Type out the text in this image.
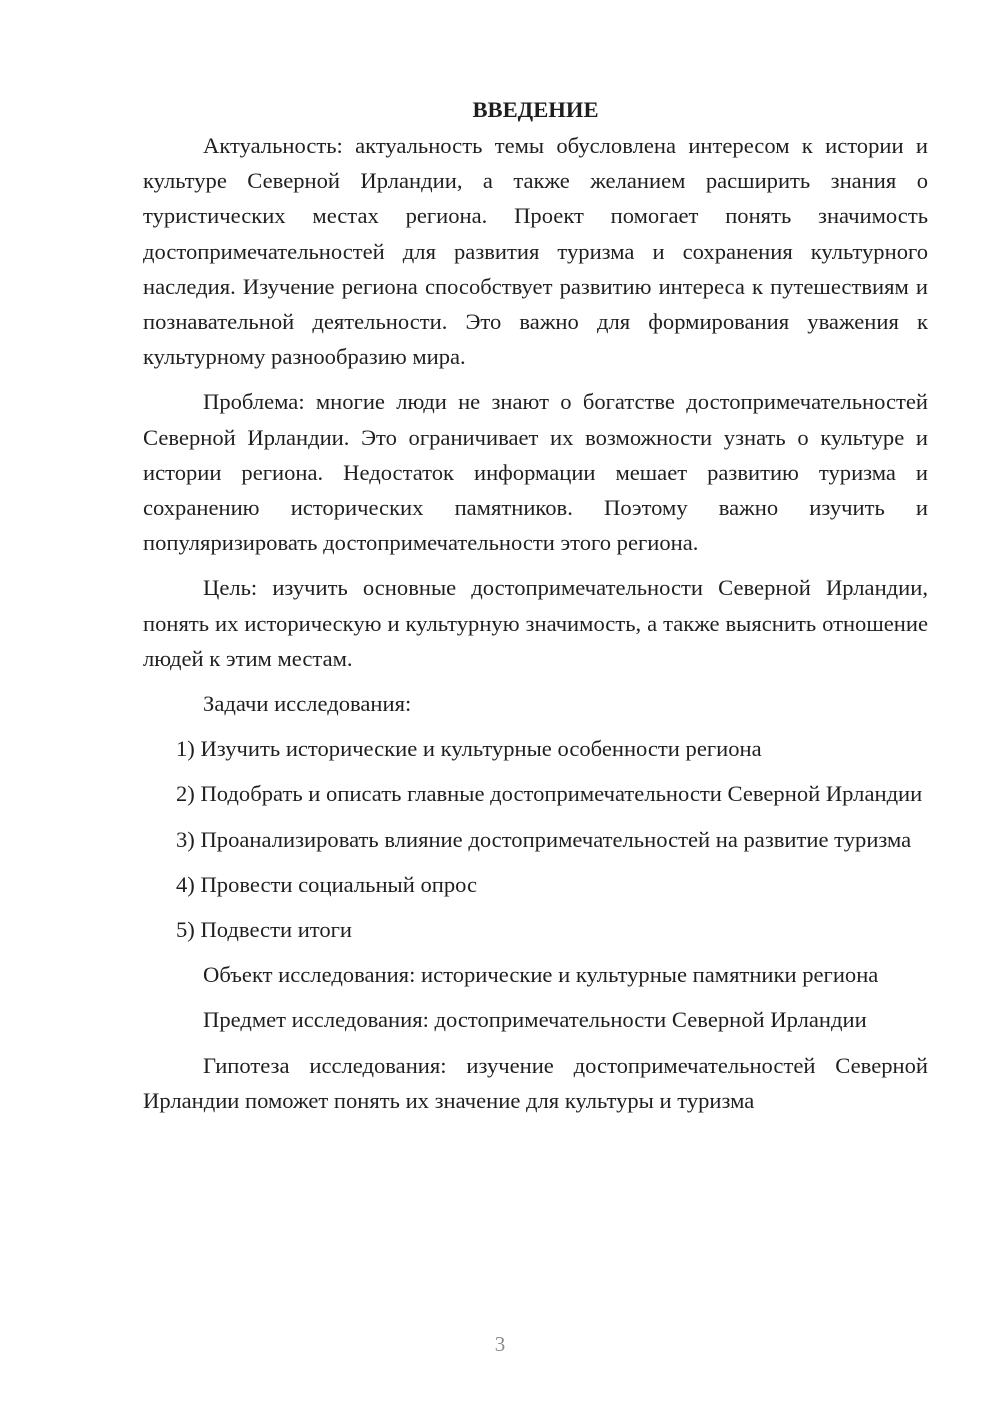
ВВЕДЕНИЕ

Актуальность: актуальность темы обусловлена интересом к истории и культуре Северной Ирландии, а также желанием расширить знания о туристических местах региона. Проект помогает понять значимость достопримечательностей для развития туризма и сохранения культурного наследия. Изучение региона способствует развитию интереса к путешествиям и познавательной деятельности. Это важно для формирования уважения к культурному разнообразию мира.

Проблема: многие люди не знают о богатстве достопримечательностей Северной Ирландии. Это ограничивает их возможности узнать о культуре и истории региона. Недостаток информации мешает развитию туризма и сохранению исторических памятников. Поэтому важно изучить и популяризировать достопримечательности этого региона.

Цель: изучить основные достопримечательности Северной Ирландии, понять их историческую и культурную значимость, а также выяснить отношение людей к этим местам.

Задачи исследования:

1) Изучить исторические и культурные особенности региона

2) Подобрать и описать главные достопримечательности Северной Ирландии

3) Проанализировать влияние достопримечательностей на развитие туризма

4) Провести социальный опрос

5) Подвести итоги

Объект исследования: исторические и культурные памятники региона

Предмет исследования: достопримечательности Северной Ирландии

Гипотеза исследования: изучение достопримечательностей Северной Ирландии поможет понять их значение для культуры и туризма

3
